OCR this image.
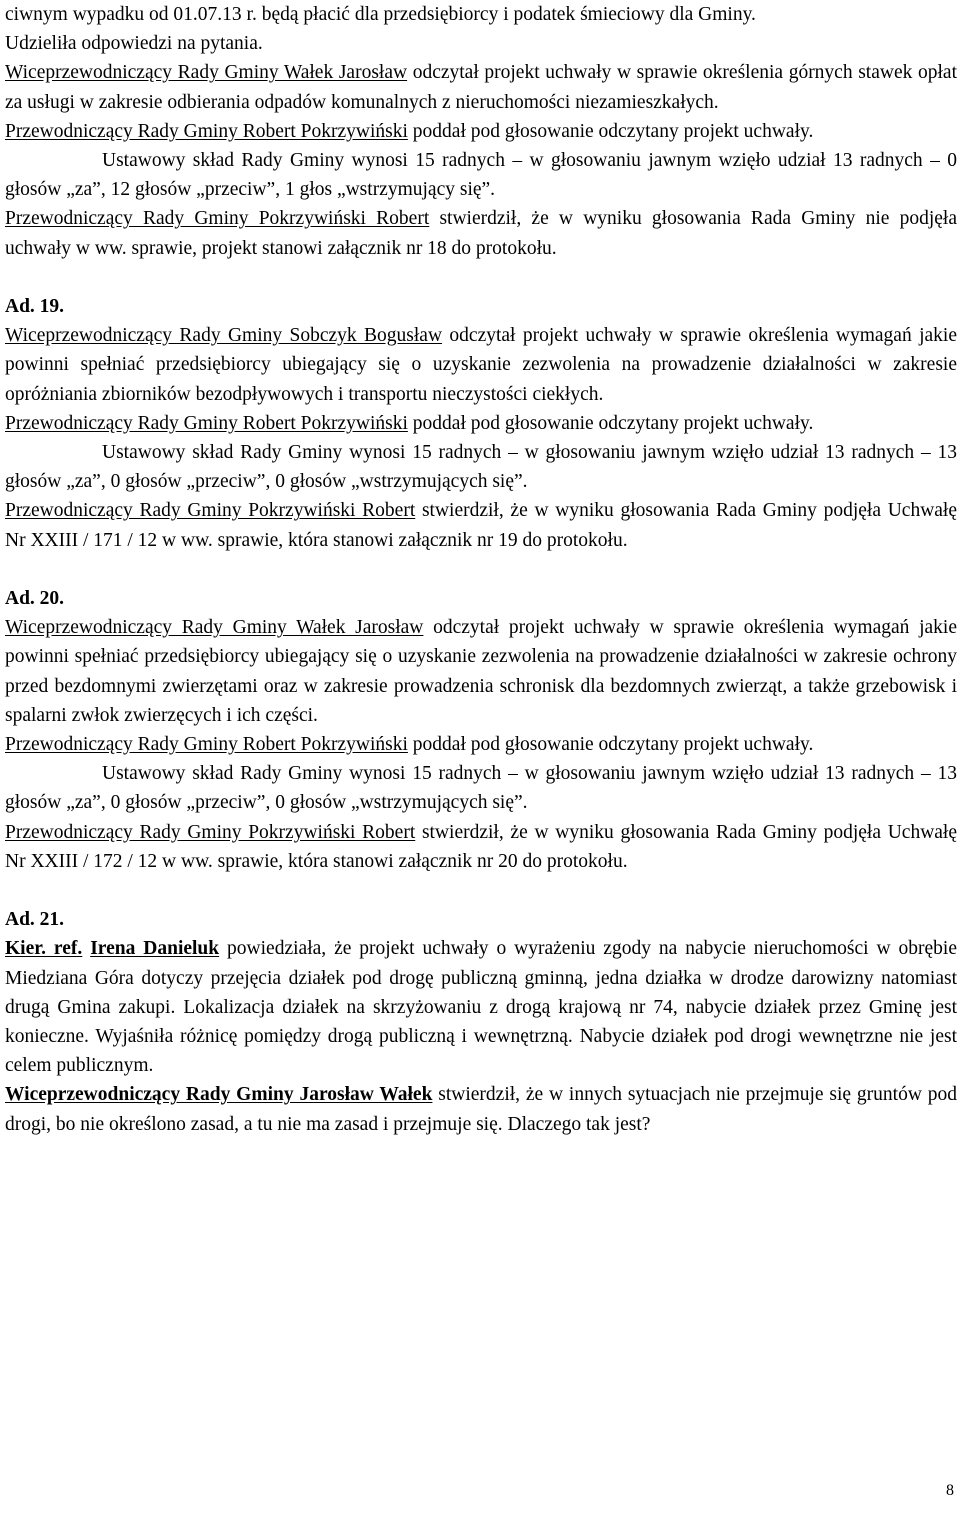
ciwnym wypadku od 01.07.13 r. będą płacić dla przedsiębiorcy i podatek śmieciowy dla Gminy.

Udzieliła odpowiedzi na pytania.

Wiceprzewodniczący Rady Gminy Wałek Jarosław odczytał projekt uchwały w sprawie określenia górnych stawek opłat za usługi w zakresie odbierania odpadów komunalnych z nieruchomości niezamieszkałych.

Przewodniczący Rady Gminy Robert Pokrzywiński poddał pod głosowanie odczytany projekt uchwały.

Ustawowy skład Rady Gminy wynosi 15 radnych – w głosowaniu jawnym wzięło udział 13 radnych – 0 głosów „za”, 12 głosów „przeciw”, 1 głos „wstrzymujący się”.

Przewodniczący Rady Gminy Pokrzywiński Robert stwierdził, że w wyniku głosowania Rada Gminy nie podjęła uchwały w ww. sprawie, projekt stanowi załącznik nr 18 do protokołu.

Ad. 19.

Wiceprzewodniczący Rady Gminy Sobczyk Bogusław odczytał projekt uchwały w sprawie określenia wymagań jakie powinni spełniać przedsiębiorcy ubiegający się o uzyskanie zezwolenia na prowadzenie działalności w zakresie opróżniania zbiorników bezodpływowych i transportu nieczystości ciekłych.

Przewodniczący Rady Gminy Robert Pokrzywiński poddał pod głosowanie odczytany projekt uchwały.

Ustawowy skład Rady Gminy wynosi 15 radnych – w głosowaniu jawnym wzięło udział 13 radnych – 13 głosów „za”, 0 głosów „przeciw”, 0 głosów „wstrzymujących się”.

Przewodniczący Rady Gminy Pokrzywiński Robert stwierdził, że w wyniku głosowania Rada Gminy podjęła Uchwałę Nr XXIII / 171 / 12 w ww. sprawie, która stanowi załącznik nr 19 do protokołu.

Ad. 20.

Wiceprzewodniczący Rady Gminy Wałek Jarosław odczytał projekt uchwały w sprawie określenia wymagań jakie powinni spełniać przedsiębiorcy ubiegający się o uzyskanie zezwolenia na prowadzenie działalności w zakresie ochrony przed bezdomnymi zwierzętami oraz w zakresie prowadzenia schronisk dla bezdomnych zwierząt, a także grzebowisk i spalarni zwłok zwierzęcych i ich części.

Przewodniczący Rady Gminy Robert Pokrzywiński poddał pod głosowanie odczytany projekt uchwały.

Ustawowy skład Rady Gminy wynosi 15 radnych – w głosowaniu jawnym wzięło udział 13 radnych – 13 głosów „za”, 0 głosów „przeciw”, 0 głosów „wstrzymujących się”.

Przewodniczący Rady Gminy Pokrzywiński Robert stwierdził, że w wyniku głosowania Rada Gminy podjęła Uchwałę Nr XXIII / 172 / 12 w ww. sprawie, która stanowi załącznik nr 20 do protokołu.

Ad. 21.

Kier. ref. Irena Danieluk powiedziała, że projekt uchwały o wyrażeniu zgody na nabycie nieruchomości w obrębie Miedziana Góra dotyczy przejęcia działek pod drogę publiczną gminną, jedna działka w drodze darowizny natomiast drugą Gmina zakupi. Lokalizacja działek na skrzyżowaniu z drogą krajową nr 74, nabycie działek przez Gminę jest konieczne. Wyjaśniła różnicę pomiędzy drogą publiczną i wewnętrzną. Nabycie działek pod drogi wewnętrzne nie jest celem publicznym.

Wiceprzewodniczący Rady Gminy Jarosław Wałek stwierdził, że w innych sytuacjach nie przejmuje się gruntów pod drogi, bo nie określono zasad, a tu nie ma zasad i przejmuje się. Dlaczego tak jest?

8
